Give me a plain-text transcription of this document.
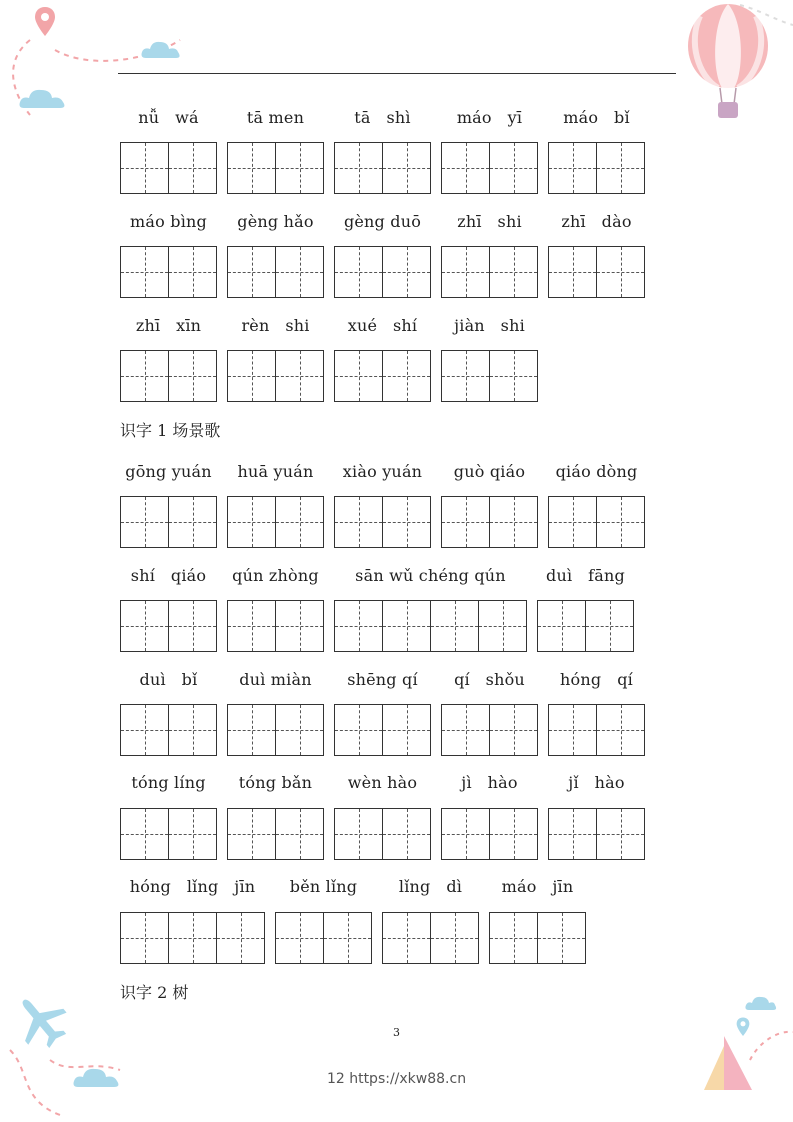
nǚ   wá	tā men	tā   shì	máo   yī	máo   bǐ
máo bìng	gèng hǎo	gèng duō	zhī   shi	zhī   dào
zhī   xīn	rèn   shi	xué   shí	jiàn   shi
gōng yuán	huā yuán	xiào yuán	guò qiáo	qiáo dòng
shí   qiáo	qún zhòng	sān wǔ chéng qún	duì   fāng
duì   bǐ	duì miàn	shēng qí	qí   shǒu	hóng   qí
tóng líng	tóng bǎn	wèn hào	jì   hào	jǐ   hào
hóng   lǐng   jīn	běn lǐng	lǐng   dì	máo   jīn
识字 1 场景歌
识字 2 树
3
12 https://xkw88.cn
